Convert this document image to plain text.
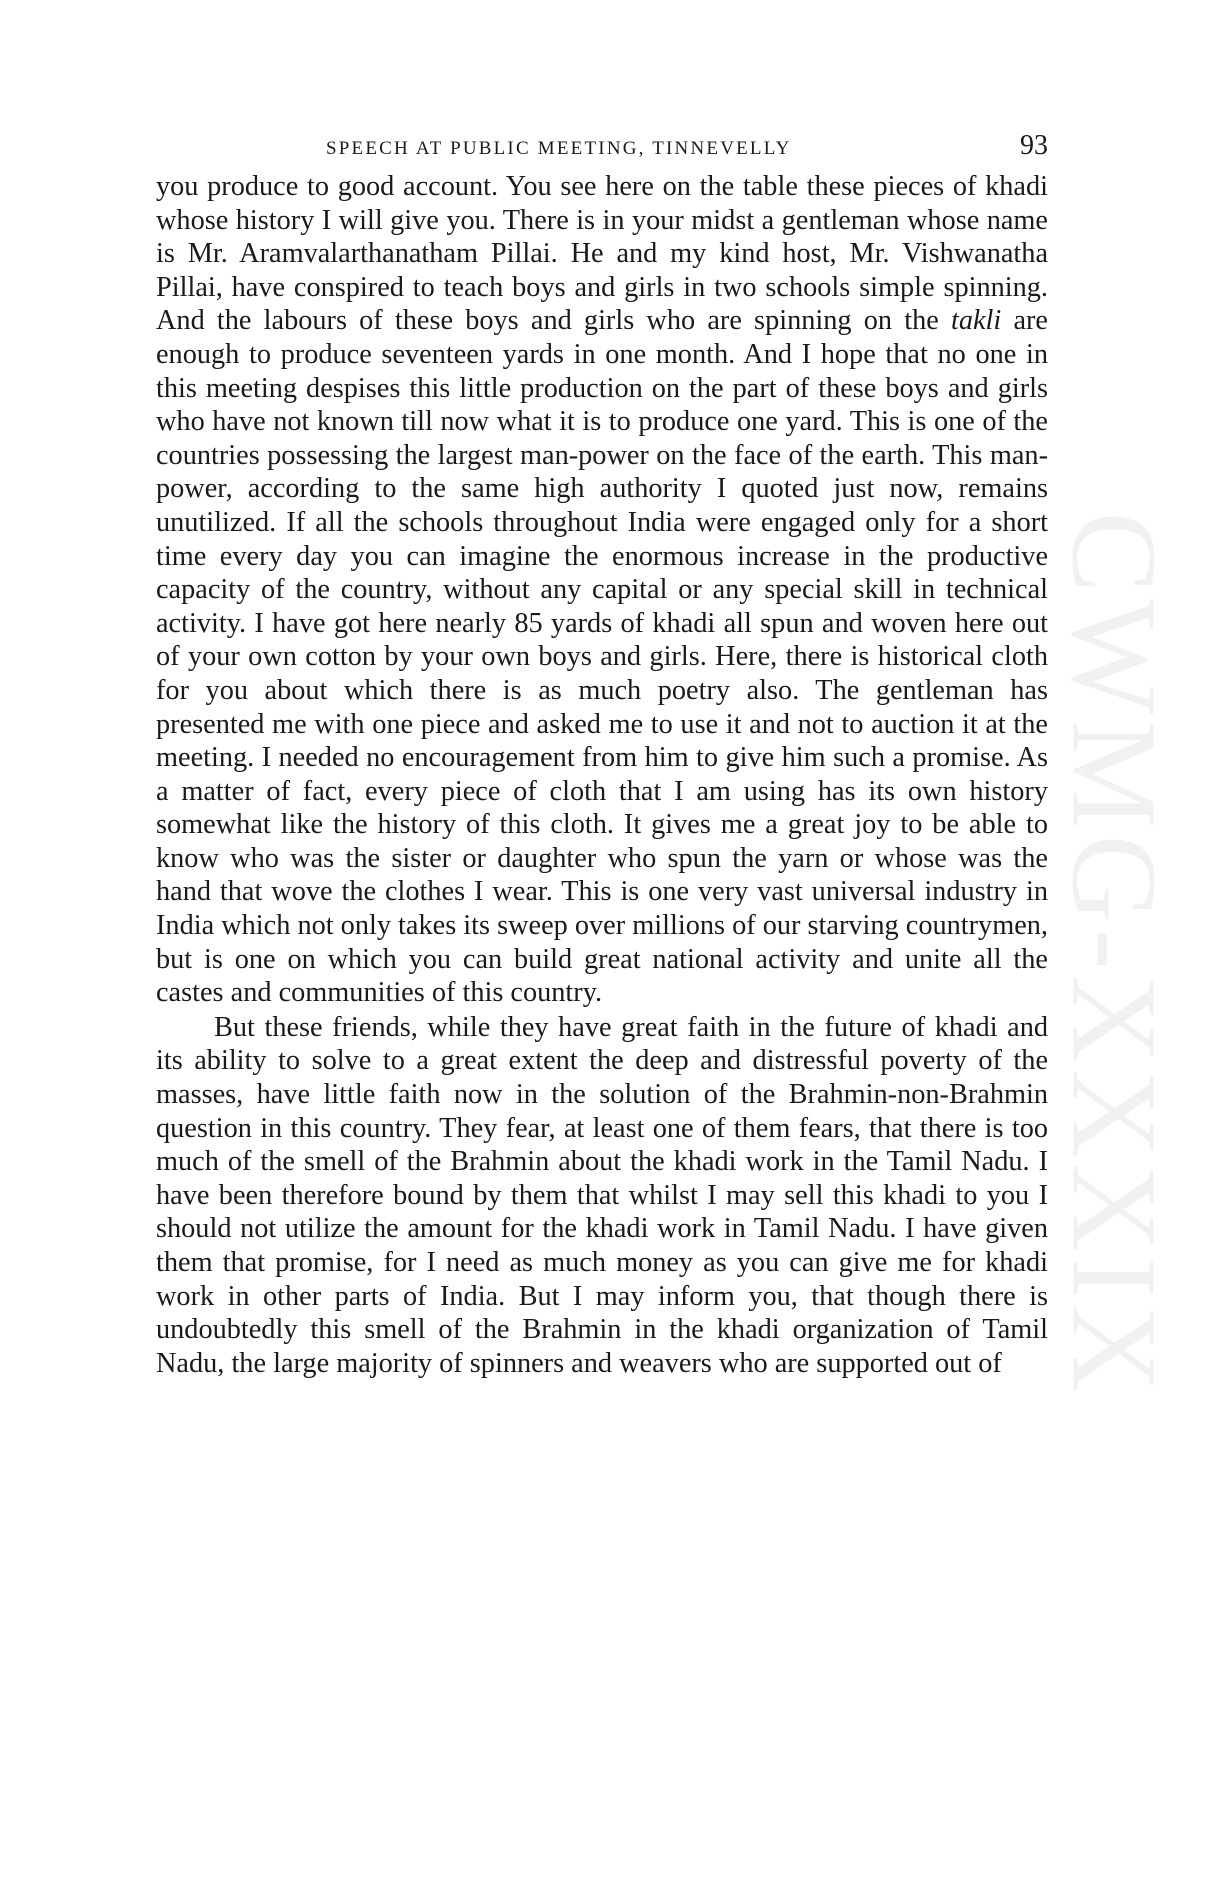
CWMG-XXXIX
SPEECH AT PUBLIC MEETING, TINNEVELLY	93

you produce to good account. You see here on the table these pieces of khadi whose history I will give you. There is in your midst a gentleman whose name is Mr. Aramvalarthanatham Pillai. He and my kind host, Mr. Vishwanatha Pillai, have conspired to teach boys and girls in two schools simple spinning. And the labours of these boys and girls who are spinning on the takli are enough to produce seventeen yards in one month. And I hope that no one in this meeting despises this little production on the part of these boys and girls who have not known till now what it is to produce one yard. This is one of the countries possessing the largest man-power on the face of the earth. This man-power, according to the same high authority I quoted just now, remains unutilized. If all the schools throughout India were engaged only for a short time every day you can imagine the enormous increase in the productive capacity of the country, without any capital or any special skill in technical activity. I have got here nearly 85 yards of khadi all spun and woven here out of your own cotton by your own boys and girls. Here, there is historical cloth for you about which there is as much poetry also. The gentleman has presented me with one piece and asked me to use it and not to auction it at the meeting. I needed no encouragement from him to give him such a promise. As a matter of fact, every piece of cloth that I am using has its own history somewhat like the history of this cloth. It gives me a great joy to be able to know who was the sister or daughter who spun the yarn or whose was the hand that wove the clothes I wear. This is one very vast universal industry in India which not only takes its sweep over millions of our starving countrymen, but is one on which you can build great national activity and unite all the castes and communities of this country.

But these friends, while they have great faith in the future of khadi and its ability to solve to a great extent the deep and distressful poverty of the masses, have little faith now in the solution of the Brahmin-non-Brahmin question in this country. They fear, at least one of them fears, that there is too much of the smell of the Brahmin about the khadi work in the Tamil Nadu. I have been therefore bound by them that whilst I may sell this khadi to you I should not utilize the amount for the khadi work in Tamil Nadu. I have given them that promise, for I need as much money as you can give me for khadi work in other parts of India. But I may inform you, that though there is undoubtedly this smell of the Brahmin in the khadi organization of Tamil Nadu, the large majority of spinners and weavers who are supported out of
